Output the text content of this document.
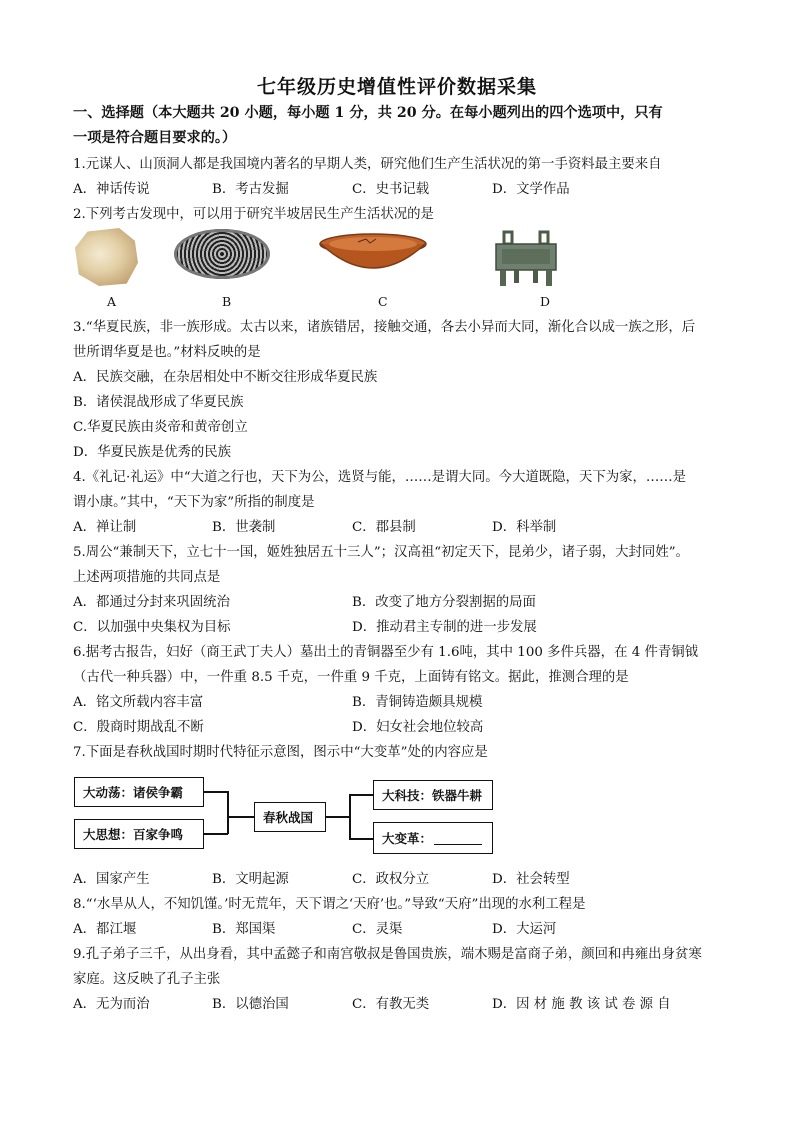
七年级历史增值性评价数据采集
一、选择题（本大题共 20 小题，每小题 1 分，共 20 分。在每小题列出的四个选项中，只有
一项是符合题目要求的。）
1.元谋人、山顶洞人都是我国境内著名的早期人类，研究他们生产生活状况的第一手资料最主要来自
A．神话传说	B．考古发掘	C．史书记载	D．文学作品
2.下列考古发现中，可以用于研究半坡居民生产生活状况的是
A	B	C	D
3.“华夏民族，非一族形成。太古以来，诸族错居，接触交通，各去小异而大同，渐化合以成一族之形，后
世所谓华夏是也。”材料反映的是
A．民族交融，在杂居相处中不断交往形成华夏民族
B．诸侯混战形成了华夏民族
C.华夏民族由炎帝和黄帝创立
D．华夏民族是优秀的民族
4.《礼记·礼运》中“大道之行也，天下为公，选贤与能，……是谓大同。今大道既隐，天下为家，……是
谓小康。”其中，“天下为家”所指的制度是
A．禅让制	B．世袭制	C．郡县制	D．科举制
5.周公“兼制天下，立七十一国，姬姓独居五十三人”；汉高祖“初定天下，昆弟少，诸子弱，大封同姓”。
上述两项措施的共同点是
A．都通过分封来巩固统治	B．改变了地方分裂割据的局面
C．以加强中央集权为目标	D．推动君主专制的进一步发展
6.据考古报告，妇好（商王武丁夫人）墓出土的青铜器至少有 1.6吨，其中 100 多件兵器，在 4 件青铜钺
（古代一种兵器）中，一件重 8.5 千克，一件重 9 千克，上面铸有铭文。据此，推测合理的是
A．铭文所载内容丰富	B．青铜铸造颇具规模
C．殷商时期战乱不断	D．妇女社会地位较高
7.下面是春秋战国时期时代特征示意图，图示中“大变革”处的内容应是
大动荡：诸侯争霸
大思想：百家争鸣
春秋战国
大科技：铁器牛耕
大变革：
A．国家产生	B．文明起源	C．政权分立	D．社会转型
8.“‘水旱从人，不知饥馑。’时无荒年，天下谓之‘天府’也。”导致“天府”出现的水利工程是
A．都江堰	B．郑国渠	C．灵渠	D．大运河
9.孔子弟子三千，从出身看，其中孟懿子和南宫敬叔是鲁国贵族，端木赐是富商子弟，颜回和冉雍出身贫寒
家庭。这反映了孔子主张
A．无为而治	B．以德治国	C．有教无类	D．因 材 施 教 该 试 卷 源 自
